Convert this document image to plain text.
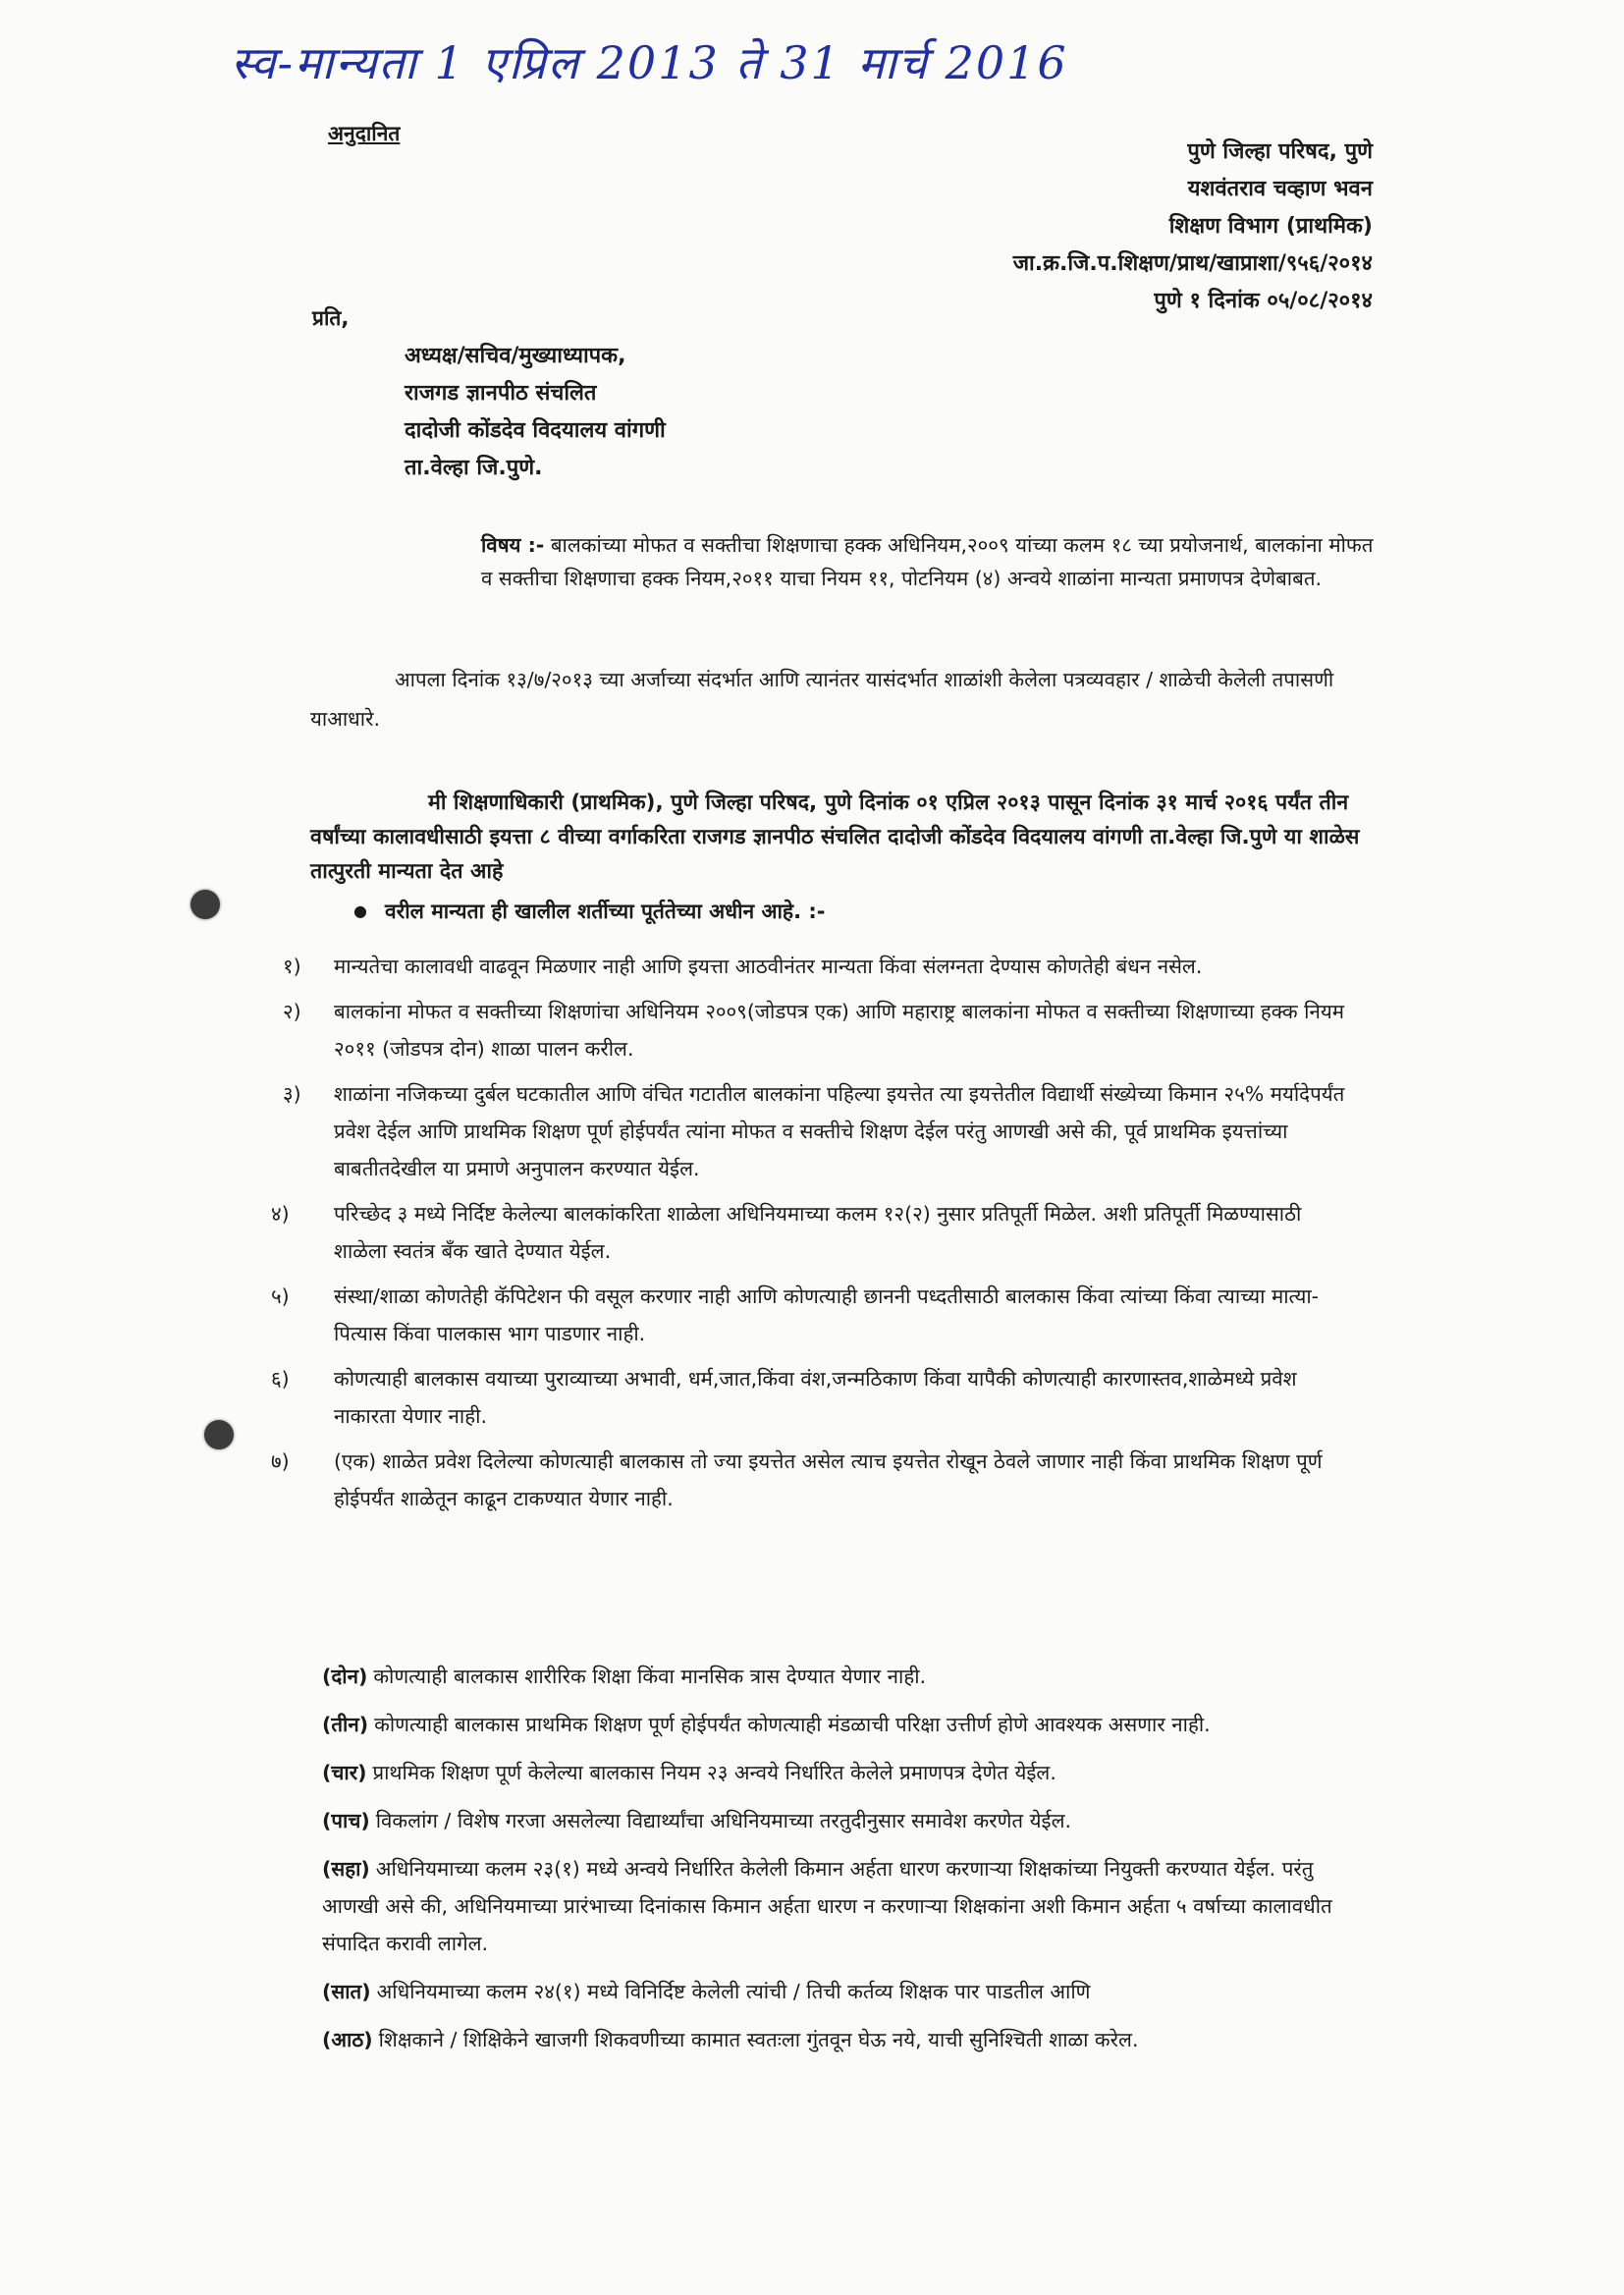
स्व-मान्यता 1 एप्रिल 2013 ते 31 मार्च 2016
अनुदानित
पुणे जिल्हा परिषद, पुणे
यशवंतराव चव्हाण भवन
शिक्षण विभाग (प्राथमिक)
जा.क्र.जि.प.शिक्षण/प्राथ/खाप्राशा/९५६/२०१४
पुणे १ दिनांक ०५/०८/२०१४
प्रति,
अध्यक्ष/सचिव/मुख्याध्यापक,
राजगड ज्ञानपीठ संचलित
दादोजी कोंडदेव विदयालय वांगणी
ता.वेल्हा जि.पुणे.
विषय :- बालकांच्या मोफत व सक्तीचा शिक्षणाचा हक्क अधिनियम,२००९ यांच्या कलम १८ च्या प्रयोजनार्थ, बालकांना मोफत व सक्तीचा शिक्षणाचा हक्क नियम,२०११ याचा नियम ११, पोटनियम (४) अन्वये शाळांना मान्यता प्रमाणपत्र देणेबाबत.
आपला दिनांक १३/७/२०१३ च्या अर्जाच्या संदर्भात आणि त्यानंतर यासंदर्भात शाळांशी केलेला पत्रव्यवहार / शाळेची केलेली तपासणी याआधारे.
मी शिक्षणाधिकारी (प्राथमिक), पुणे जिल्हा परिषद, पुणे दिनांक ०१ एप्रिल २०१३ पासून दिनांक ३१ मार्च २०१६ पर्यंत तीन वर्षांच्या कालावधीसाठी इयत्ता ८ वीच्या वर्गाकरिता राजगड ज्ञानपीठ संचलित दादोजी कोंडदेव विदयालय वांगणी ता.वेल्हा जि.पुणे या शाळेस तात्पुरती मान्यता देत आहे
● वरील मान्यता ही खालील शर्तीच्या पूर्ततेच्या अधीन आहे. :-
१) मान्यतेचा कालावधी वाढवून मिळणार नाही आणि इयत्ता आठवीनंतर मान्यता किंवा संलग्नता देण्यास कोणतेही बंधन नसेल.
२) बालकांना मोफत व सक्तीच्या शिक्षणांचा अधिनियम २००९(जोडपत्र एक) आणि महाराष्ट्र बालकांना मोफत व सक्तीच्या शिक्षणाच्या हक्क नियम २०११ (जोडपत्र दोन) शाळा पालन करील.
३) शाळांना नजिकच्या दुर्बल घटकातील आणि वंचित गटातील बालकांना पहिल्या इयत्तेत त्या इयत्तेतील विद्यार्थी संख्येच्या किमान २५% मर्यादेपर्यंत प्रवेश देईल आणि प्राथमिक शिक्षण पूर्ण होईपर्यंत त्यांना मोफत व सक्तीचे शिक्षण देईल परंतु आणखी असे की, पूर्व प्राथमिक इयत्तांच्या बाबतीतदेखील या प्रमाणे अनुपालन करण्यात येईल.
४) परिच्छेद ३ मध्ये निर्दिष्ट केलेल्या बालकांकरिता शाळेला अधिनियमाच्या कलम १२(२) नुसार प्रतिपूर्ती मिळेल. अशी प्रतिपूर्ती मिळण्यासाठी शाळेला स्वतंत्र बँक खाते देण्यात येईल.
५) संस्था/शाळा कोणतेही कॅपिटेशन फी वसूल करणार नाही आणि कोणत्याही छाननी पध्दतीसाठी बालकास किंवा त्यांच्या किंवा त्याच्या मात्या-पित्यास किंवा पालकास भाग पाडणार नाही.
६) कोणत्याही बालकास वयाच्या पुराव्याच्या अभावी, धर्म,जात,किंवा वंश,जन्मठिकाण किंवा यापैकी कोणत्याही कारणास्तव,शाळेमध्ये प्रवेश नाकारता येणार नाही.
७) (एक) शाळेत प्रवेश दिलेल्या कोणत्याही बालकास तो ज्या इयत्तेत असेल त्याच इयत्तेत रोखून ठेवले जाणार नाही किंवा प्राथमिक शिक्षण पूर्ण होईपर्यंत शाळेतून काढून टाकण्यात येणार नाही.
(दोन) कोणत्याही बालकास शारीरिक शिक्षा किंवा मानसिक त्रास देण्यात येणार नाही.
(तीन) कोणत्याही बालकास प्राथमिक शिक्षण पूर्ण होईपर्यंत कोणत्याही मंडळाची परिक्षा उत्तीर्ण होणे आवश्यक असणार नाही.
(चार) प्राथमिक शिक्षण पूर्ण केलेल्या बालकास नियम २३ अन्वये निर्धारित केलेले प्रमाणपत्र देणेत येईल.
(पाच) विकलांग / विशेष गरजा असलेल्या विद्यार्थ्यांचा अधिनियमाच्या तरतुदीनुसार समावेश करणेत येईल.
(सहा) अधिनियमाच्या कलम २३(१) मध्ये अन्वये निर्धारित केलेली किमान अर्हता धारण करणाऱ्या शिक्षकांच्या नियुक्ती करण्यात येईल. परंतु आणखी असे की, अधिनियमाच्या प्रारंभाच्या दिनांकास किमान अर्हता धारण न करणाऱ्या शिक्षकांना अशी किमान अर्हता ५ वर्षाच्या कालावधीत संपादित करावी लागेल.
(सात) अधिनियमाच्या कलम २४(१) मध्ये विनिर्दिष्ट केलेली त्यांची / तिची कर्तव्य शिक्षक पार पाडतील आणि
(आठ) शिक्षकाने / शिक्षिकेने खाजगी शिकवणीच्या कामात स्वतःला गुंतवून घेऊ नये, याची सुनिश्चिती शाळा करेल.
